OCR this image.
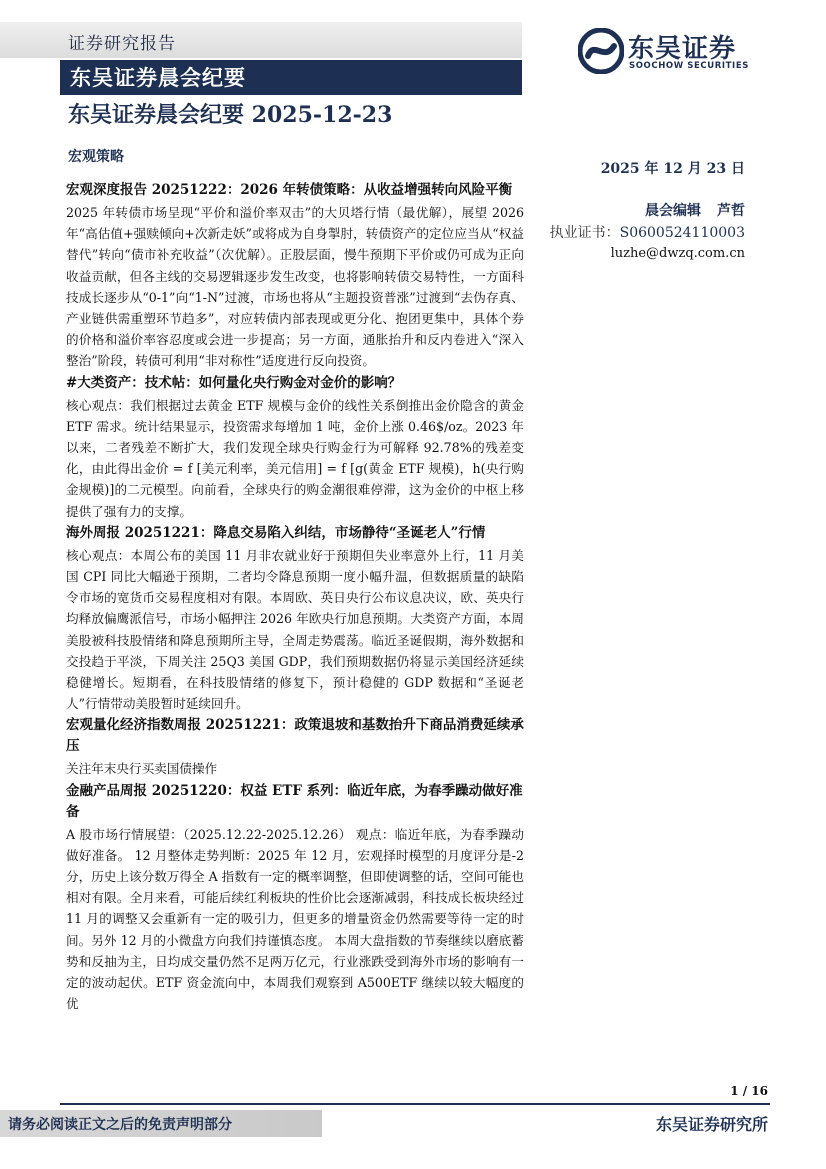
证券研究报告
东吴证券晨会纪要
东吴证券
SOOCHOW SECURITIES
东吴证券晨会纪要 2025-12-23
宏观策略
2025 年 12 月 23 日
晨会编辑 芦哲
执业证书：S0600524110003
luzhe@dwzq.com.cn

宏观深度报告 20251222：2026 年转债策略：从收益增强转向风险平衡

2025 年转债市场呈现“平价和溢价率双击”的大贝塔行情（最优解），展望 2026 年“高估值+强赎倾向+次新走妖”或将成为自身掣肘，转债资产的定位应当从“权益替代”转向“债市补充收益”（次优解）。正股层面，慢牛预期下平价或仍可成为正向收益贡献，但各主线的交易逻辑逐步发生改变，也将影响转债交易特性，一方面科技成长逐步从“0-1”向“1-N”过渡，市场也将从“主题投资普涨”过渡到“去伪存真、产业链供需重塑环节趋多”，对应转债内部表现或更分化、抱团更集中，具体个券的价格和溢价率容忍度或会进一步提高；另一方面，通胀抬升和反内卷进入“深入整治”阶段，转债可利用“非对称性”适度进行反向投资。

#大类资产：技术帖：如何量化央行购金对金价的影响？

核心观点：我们根据过去黄金 ETF 规模与金价的线性关系倒推出金价隐含的黄金 ETF 需求。统计结果显示，投资需求每增加 1 吨，金价上涨 0.46$/oz。2023 年以来，二者残差不断扩大，我们发现全球央行购金行为可解释 92.78%的残差变化，由此得出金价 = f [美元利率，美元信用] = f [g(黄金 ETF 规模)，h(央行购金规模)]的二元模型。向前看，全球央行的购金潮很难停滞，这为金价的中枢上移提供了强有力的支撑。

海外周报 20251221：降息交易陷入纠结，市场静待“圣诞老人”行情

核心观点：本周公布的美国 11 月非农就业好于预期但失业率意外上行，11 月美国 CPI 同比大幅逊于预期，二者均令降息预期一度小幅升温，但数据质量的缺陷令市场的宽货币交易程度相对有限。本周欧、英日央行公布议息决议，欧、英央行均释放偏鹰派信号，市场小幅押注 2026 年欧央行加息预期。大类资产方面，本周美股被科技股情绪和降息预期所主导，全周走势震荡。临近圣诞假期，海外数据和交投趋于平淡，下周关注 25Q3 美国 GDP，我们预期数据仍将显示美国经济延续稳健增长。短期看，在科技股情绪的修复下，预计稳健的 GDP 数据和“圣诞老人”行情带动美股暂时延续回升。

宏观量化经济指数周报 20251221：政策退坡和基数抬升下商品消费延续承压

关注年末央行买卖国债操作

金融产品周报 20251220：权益 ETF 系列：临近年底，为春季躁动做好准备

A 股市场行情展望：（2025.12.22-2025.12.26） 观点：临近年底，为春季躁动做好准备。 12 月整体走势判断：2025 年 12 月，宏观择时模型的月度评分是-2 分，历史上该分数万得全 A 指数有一定的概率调整，但即使调整的话，空间可能也相对有限。全月来看，可能后续红利板块的性价比会逐渐减弱，科技成长板块经过 11 月的调整又会重新有一定的吸引力，但更多的增量资金仍然需要等待一定的时间。另外 12 月的小微盘方向我们持谨慎态度。 本周大盘指数的节奏继续以磨底蓄势和反抽为主，日均成交量仍然不足两万亿元，行业涨跌受到海外市场的影响有一定的波动起伏。ETF 资金流向中，本周我们观察到 A500ETF 继续以较大幅度的优

1 / 16
请务必阅读正文之后的免责声明部分	东吴证券研究所
